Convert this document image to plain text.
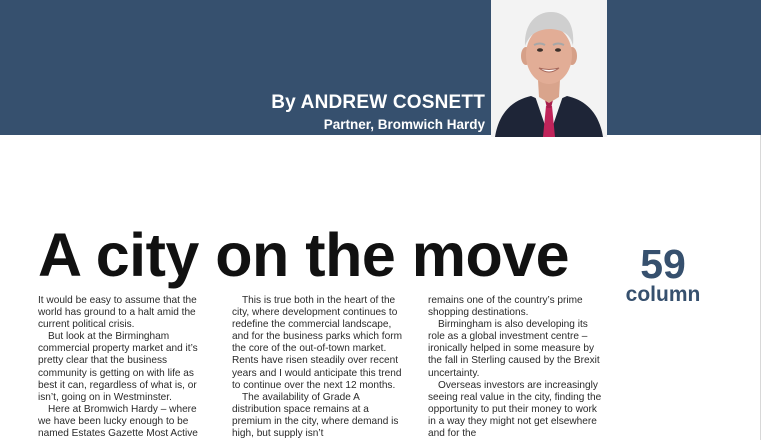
By ANDREW COSNETT
Partner, Bromwich Hardy
A city on the move	59
column

It would be easy to assume that the world has ground to a halt amid the current political crisis.

But look at the Birmingham commercial property market and it’s pretty clear that the business community is getting on with life as best it can, regardless of what is, or isn’t, going on in Westminster.

Here at Bromwich Hardy – where we have been lucky enough to be named Estates Gazette Most Active

This is true both in the heart of the city, where development continues to redefine the commercial landscape, and for the business parks which form the core of the out-of-town market. Rents have risen steadily over recent years and I would anticipate this trend to continue over the next 12 months.

The availability of Grade A distribution space remains at a premium in the city, where demand is high, but supply isn’t

remains one of the country’s prime shopping destinations.

Birmingham is also developing its role as a global investment centre – ironically helped in some measure by the fall in Sterling caused by the Brexit uncertainty.

Overseas investors are increasingly seeing real value in the city, finding the opportunity to put their money to work in a way they might not get elsewhere and for the
